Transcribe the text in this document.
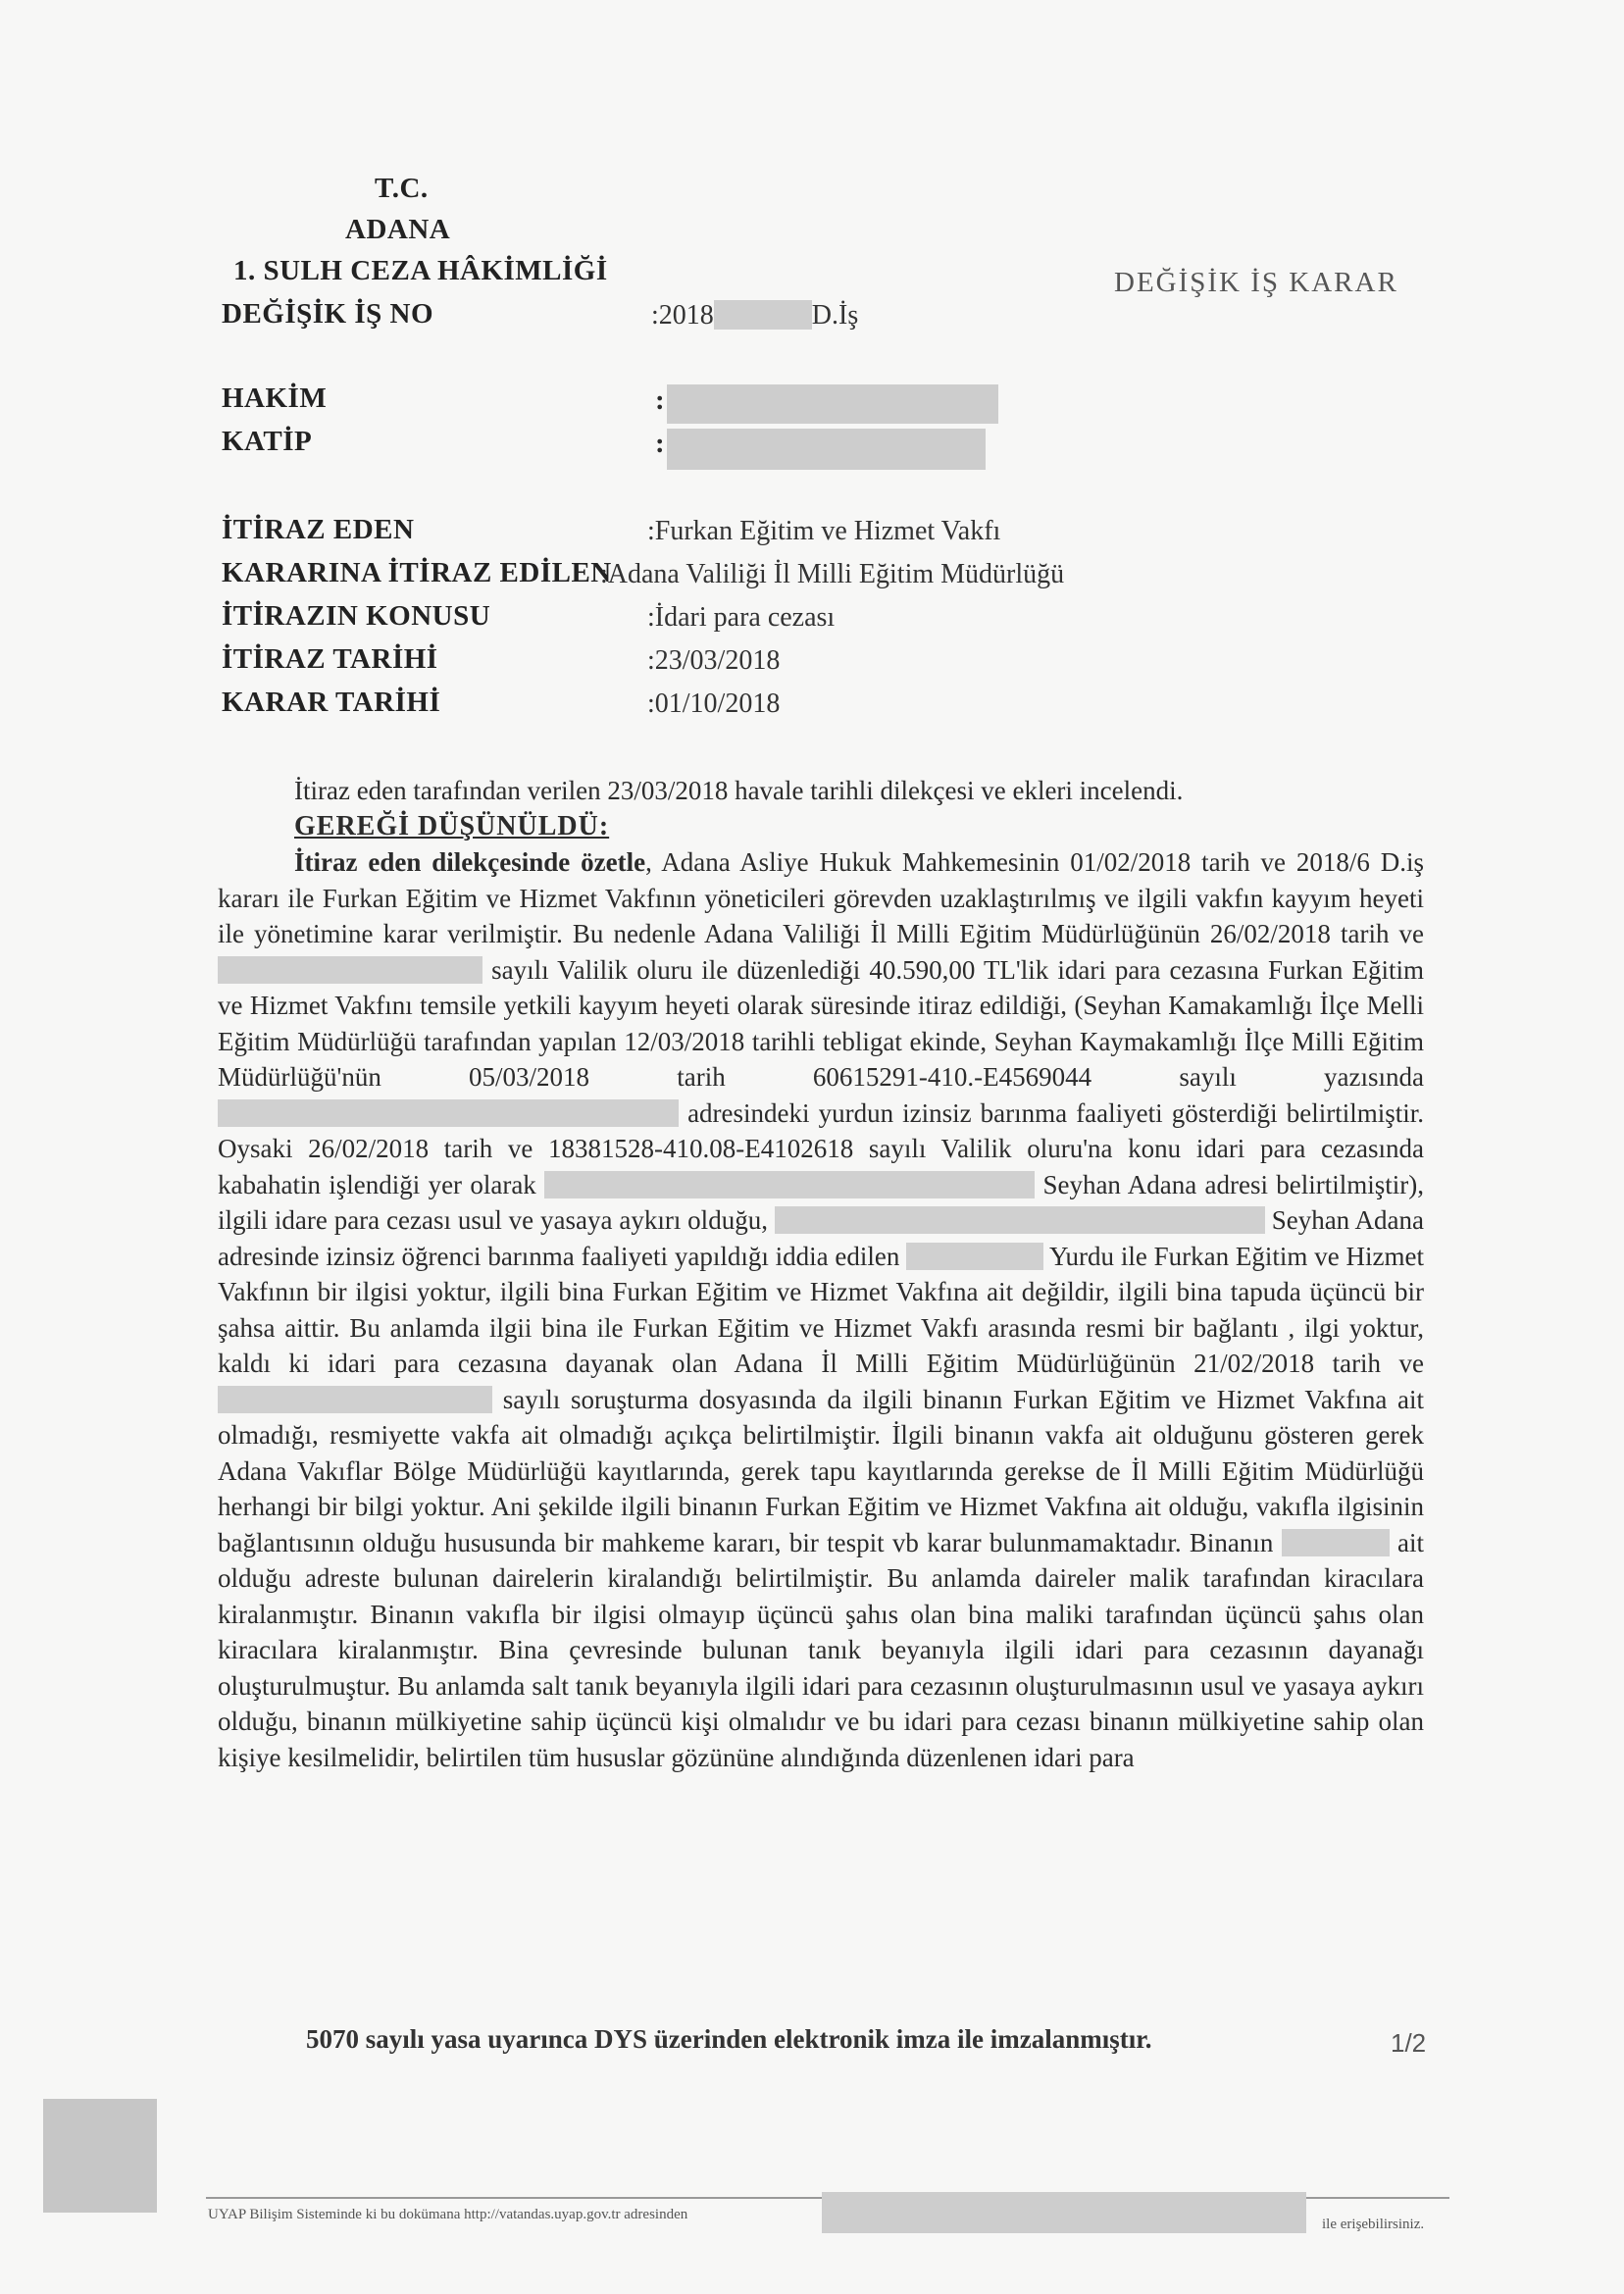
T.C.
ADANA
1. SULH CEZA HÂKİMLİĞİ
DEĞİŞİK İŞ NO	:2018	D.İş
DEĞİŞİK İŞ KARAR
HAKİM	:
KATİP	:
İTİRAZ EDEN	:Furkan Eğitim ve Hizmet Vakfı
KARARINA İTİRAZ EDİLEN
:Adana Valiliği İl Milli Eğitim Müdürlüğü
İTİRAZIN KONUSU	:İdari para cezası
İTİRAZ TARİHİ	:23/03/2018
KARAR TARİHİ	:01/10/2018

İtiraz eden tarafından verilen 23/03/2018 havale tarihli dilekçesi ve ekleri incelendi.

GEREĞİ DÜŞÜNÜLDÜ:

İtiraz eden dilekçesinde özetle, Adana Asliye Hukuk Mahkemesinin 01/02/2018 tarih ve 2018/6 D.iş kararı ile Furkan Eğitim ve Hizmet Vakfının yöneticileri görevden uzaklaştırılmış ve ilgili vakfın kayyım heyeti ile yönetimine karar verilmiştir. Bu nedenle Adana Valiliği İl Milli Eğitim Müdürlüğünün 26/02/2018 tarih ve  sayılı Valilik oluru ile düzenlediği 40.590,00 TL'lik idari para cezasına Furkan Eğitim ve Hizmet Vakfını temsile yetkili kayyım heyeti olarak süresinde itiraz edildiği, (Seyhan Kamakamlığı İlçe Melli Eğitim Müdürlüğü tarafından yapılan 12/03/2018 tarihli tebligat ekinde, Seyhan Kaymakamlığı İlçe Milli Eğitim Müdürlüğü'nün 05/03/2018 tarih 60615291-410.-E4569044 sayılı yazısında  adresindeki yurdun izinsiz barınma faaliyeti gösterdiği belirtilmiştir. Oysaki 26/02/2018 tarih ve 18381528-410.08-E4102618 sayılı Valilik oluru'na konu idari para cezasında kabahatin işlendiği yer olarak	Seyhan Adana adresi belirtilmiştir), ilgili idare para cezası usul ve yasaya aykırı olduğu,	Seyhan Adana adresinde izinsiz öğrenci barınma faaliyeti yapıldığı iddia edilen	Yurdu ile Furkan Eğitim ve Hizmet Vakfının bir ilgisi yoktur, ilgili bina Furkan Eğitim ve Hizmet Vakfına ait değildir, ilgili bina tapuda üçüncü bir şahsa aittir. Bu anlamda ilgii bina ile Furkan Eğitim ve Hizmet Vakfı arasında resmi bir bağlantı , ilgi yoktur, kaldı ki idari para cezasına dayanak olan Adana İl Milli Eğitim Müdürlüğünün 21/02/2018 tarih ve  sayılı soruşturma dosyasında da ilgili binanın Furkan Eğitim ve Hizmet Vakfına ait olmadığı, resmiyette vakfa ait olmadığı açıkça belirtilmiştir. İlgili binanın vakfa ait olduğunu gösteren gerek Adana Vakıflar Bölge Müdürlüğü kayıtlarında, gerek tapu kayıtlarında gerekse de İl Milli Eğitim Müdürlüğü herhangi bir bilgi yoktur. Ani şekilde ilgili binanın Furkan Eğitim ve Hizmet Vakfına ait olduğu, vakıfla ilgisinin bağlantısının olduğu hususunda bir mahkeme kararı, bir tespit vb karar bulunmamaktadır. Binanın	ait olduğu adreste bulunan dairelerin kiralandığı belirtilmiştir. Bu anlamda daireler malik tarafından kiracılara kiralanmıştır. Binanın vakıfla bir ilgisi olmayıp üçüncü şahıs olan bina maliki tarafından üçüncü şahıs olan kiracılara kiralanmıştır. Bina çevresinde bulunan tanık beyanıyla ilgili idari para cezasının dayanağı oluşturulmuştur. Bu anlamda salt tanık beyanıyla ilgili idari para cezasının oluşturulmasının usul ve yasaya aykırı olduğu, binanın mülkiyetine sahip üçüncü kişi olmalıdır ve bu idari para cezası binanın mülkiyetine sahip olan kişiye kesilmelidir, belirtilen tüm hususlar gözününe alındığında düzenlenen idari para

5070 sayılı yasa uyarınca DYS üzerinden elektronik imza ile imzalanmıştır.	1/2
UYAP Bilişim Sisteminde ki bu dokümana http://vatandas.uyap.gov.tr adresinden
ile erişebilirsiniz.
